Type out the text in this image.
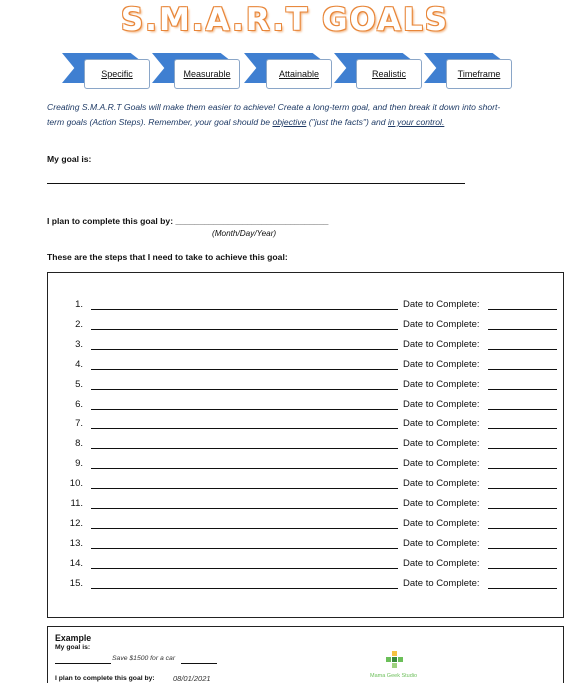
S.M.A.R.T GOALS
Specific	Measurable	Attainable	Realistic	Timeframe
Creating S.M.A.R.T Goals will make them easier to achieve! Create a long-term goal, and then break it down into short-term goals (Action Steps). Remember, your goal should be objective ("just the facts") and in your control.
My goal is:
I plan to complete this goal by: ________________________________
(Month/Day/Year)
These are the steps that I need to take to achieve this goal:
1.	Date to Complete:
2.	Date to Complete:
3.	Date to Complete:
4.	Date to Complete:
5.	Date to Complete:
6.	Date to Complete:
7.	Date to Complete:
8.	Date to Complete:
9.	Date to Complete:
10.	Date to Complete:
11.	Date to Complete:
12.	Date to Complete:
13.	Date to Complete:
14.	Date to Complete:
15.	Date to Complete:
Example
My goal is:
Save $1500 for a car
I plan to complete this goal by: 08/01/2021	Mama Geek Studio
